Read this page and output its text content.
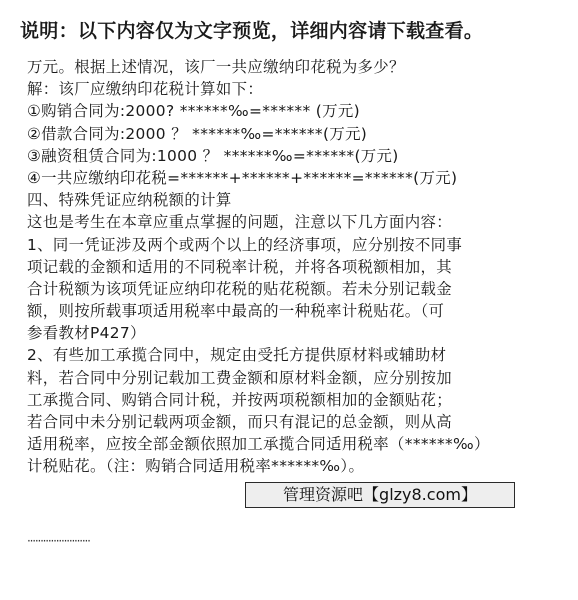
说明：以下内容仅为文字预览，详细内容请下载查看。
万元。根据上述情况，该厂一共应缴纳印花税为多少？
解：该厂应缴纳印花税计算如下：
①购销合同为:2000? ******‰=****** (万元)
②借款合同为:2000 ？ ******‰=******(万元)
③融资租赁合同为:1000 ？ ******‰=******(万元)
④一共应缴纳印花税=******+******+******=******(万元)
四、特殊凭证应纳税额的计算
这也是考生在本章应重点掌握的问题，注意以下几方面内容：
1、同一凭证涉及两个或两个以上的经济事项，应分别按不同事
项记载的金额和适用的不同税率计税，并将各项税额相加，其
合计税额为该项凭证应纳印花税的贴花税额。若未分别记载金
额，则按所载事项适用税率中最高的一种税率计税贴花。（可
参看教材P427）
2、有些加工承揽合同中，规定由受托方提供原材料或辅助材
料，若合同中分别记载加工费金额和原材料金额，应分别按加
工承揽合同、购销合同计税，并按两项税额相加的金额贴花；
若合同中未分别记载两项金额，而只有混记的总金额，则从高
适用税率，应按全部金额依照加工承揽合同适用税率（******‰）
计税贴花。（注：购销合同适用税率******‰）。
························
管理资源吧【glzy8.com】
